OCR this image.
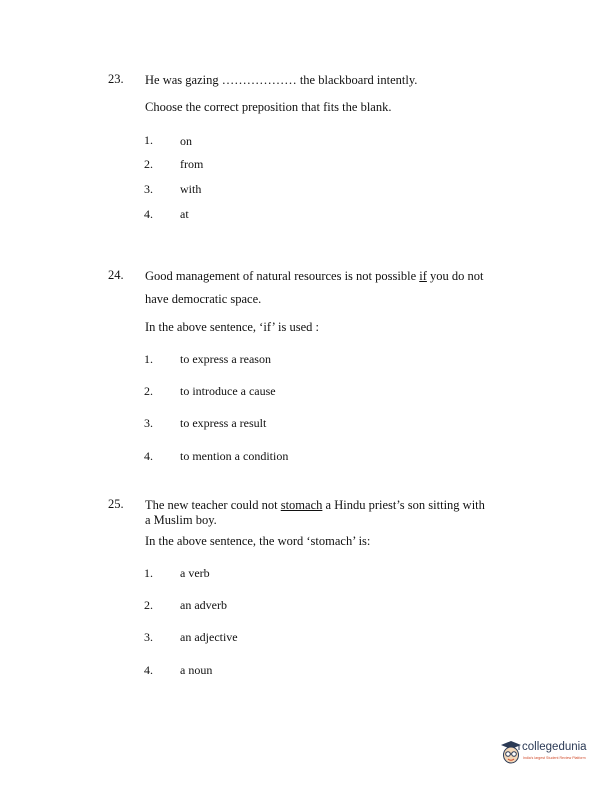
23. He was gazing ……………… the blackboard intently.
Choose the correct preposition that fits the blank.
1. on
2. from
3. with
4. at
24. Good management of natural resources is not possible if you do not
have democratic space.
In the above sentence, ‘if’ is used :
1. to express a reason
2. to introduce a cause
3. to express a result
4. to mention a condition
25. The new teacher could not stomach a Hindu priest’s son sitting with
a Muslim boy.
In the above sentence, the word ‘stomach’ is:
1. a verb
2. an adverb
3. an adjective
4. a noun
collegedunia
India's largest Student Review Platform
